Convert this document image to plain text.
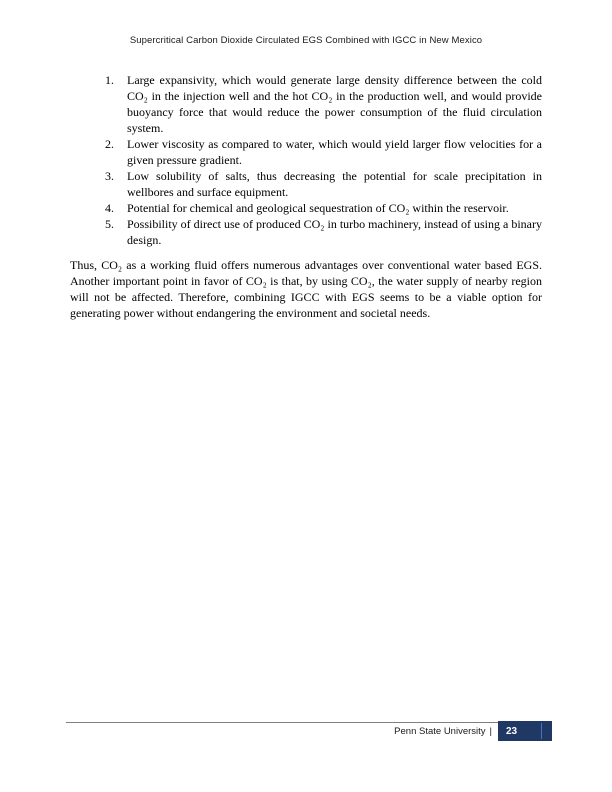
Supercritical Carbon Dioxide Circulated EGS Combined with IGCC in New Mexico
1.	Large expansivity, which would generate large density difference between the cold CO₂ in the injection well and the hot CO₂ in the production well, and would provide buoyancy force that would reduce the power consumption of the fluid circulation system.
2.	Lower viscosity as compared to water, which would yield larger flow velocities for a given pressure gradient.
3.	Low solubility of salts, thus decreasing the potential for scale precipitation in wellbores and surface equipment.
4.	Potential for chemical and geological sequestration of CO₂ within the reservoir.
5.	Possibility of direct use of produced CO₂ in turbo machinery, instead of using a binary design.
Thus, CO₂ as a working fluid offers numerous advantages over conventional water based EGS. Another important point in favor of CO₂ is that, by using CO₂, the water supply of nearby region will not be affected. Therefore, combining IGCC with EGS seems to be a viable option for generating power without endangering the environment and societal needs.
Penn State University | 23
